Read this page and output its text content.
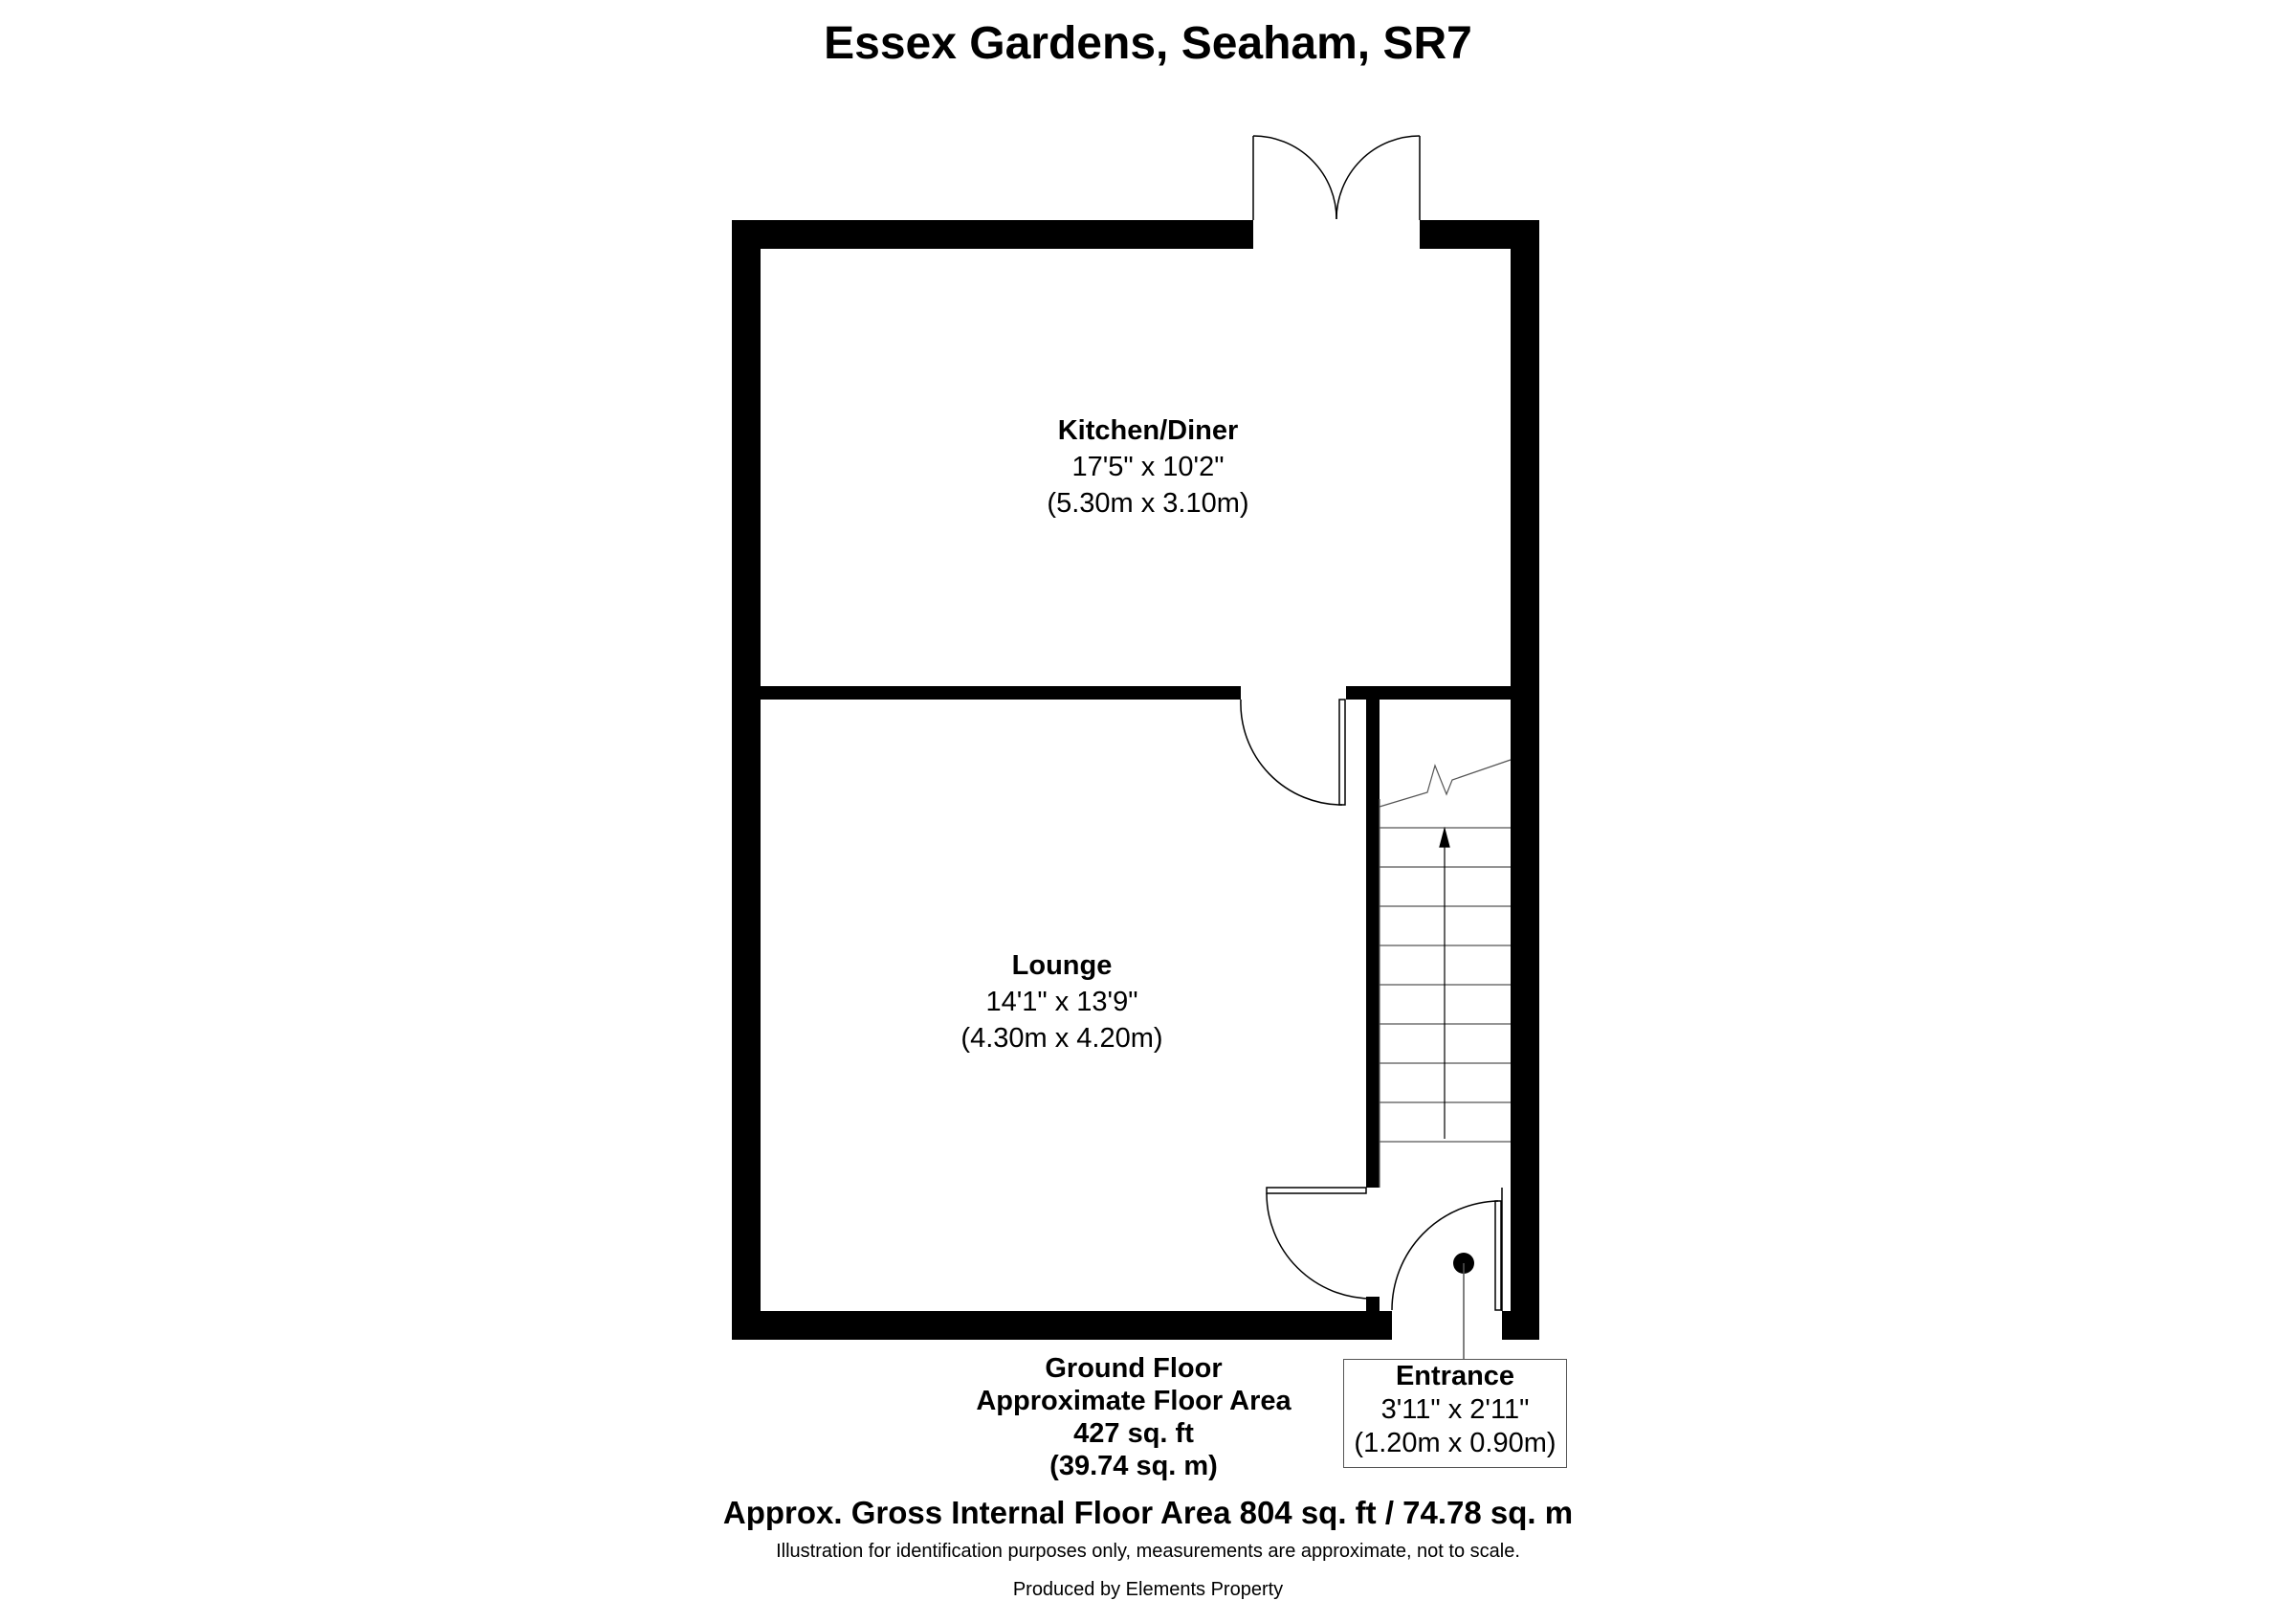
Essex Gardens, Seaham, SR7
Kitchen/Diner
17'5" x 10'2"
(5.30m x 3.10m)
Lounge
14'1" x 13'9"
(4.30m x 4.20m)
Entrance
3'11" x 2'11"
(1.20m x 0.90m)
Ground Floor
Approximate Floor Area
427 sq. ft
(39.74 sq. m)
Approx. Gross Internal Floor Area 804 sq. ft / 74.78 sq. m
Illustration for identification purposes only, measurements are approximate, not to scale.
Produced by Elements Property
